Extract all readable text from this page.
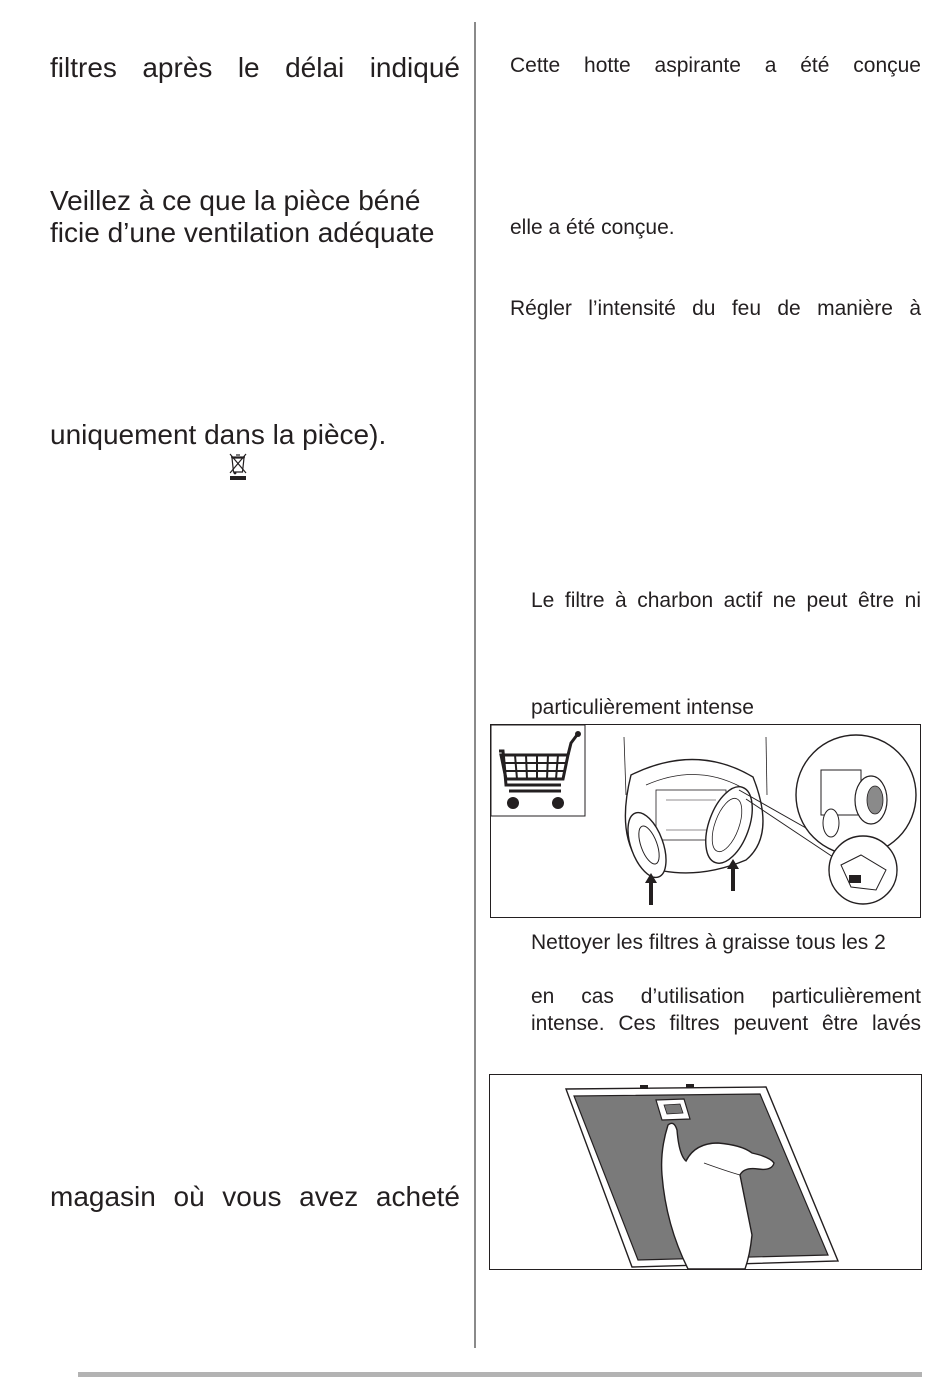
filtres après le délai indiqué

Veillez à ce que la pièce béné

ficie d’une ventilation adéquate

uniquement dans la pièce).

magasin où vous avez acheté

Cette hotte aspirante a été conçue

elle a été conçue.

Régler l’intensité du feu de manière à

Le filtre à charbon actif ne peut être ni

particulièrement intense

Nettoyer les filtres à graisse tous les 2

en cas d’utilisation particulièrement

intense. Ces filtres peuvent être lavés
